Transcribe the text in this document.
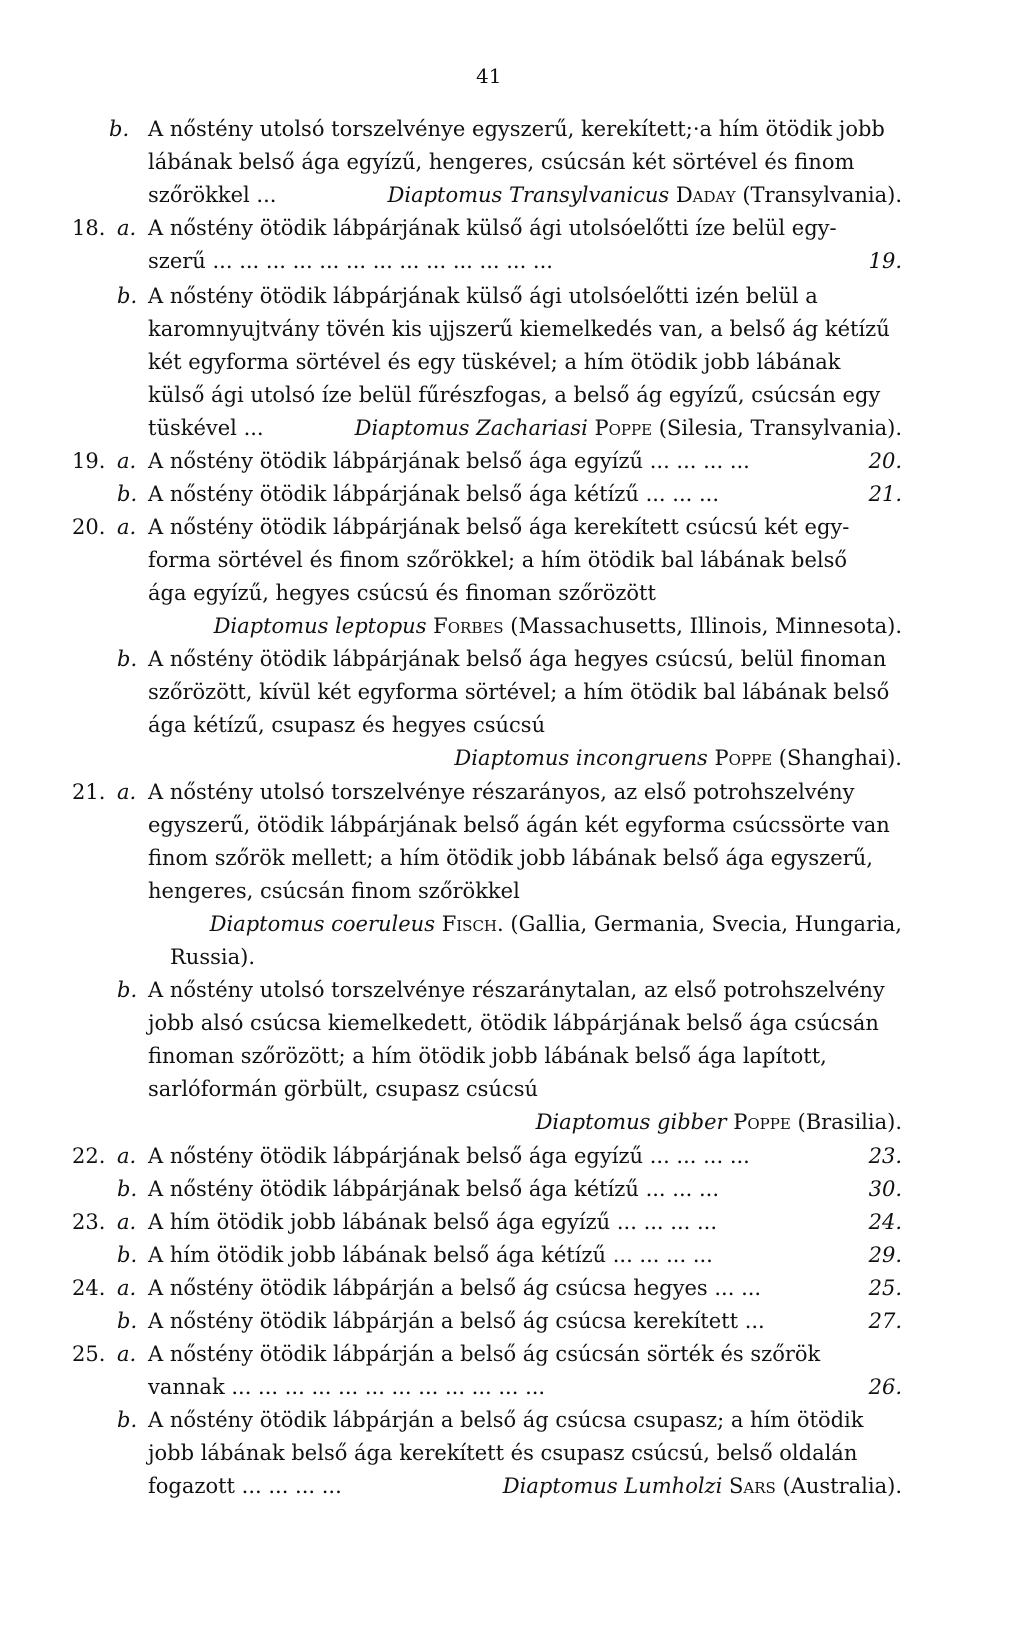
41
b. A nőstény utolsó torszelvénye egyszerű, kerekített;·a hím ötödik jobb
lábának belső ága egyízű, hengeres, csúcsán két sörtével és finom
szőrökkel ...	Diaptomus Transylvanicus Daday (Transylvania).
18. a. A nőstény ötödik lábpárjának külső ági utolsóelőtti íze belül egy-
szerű ... ... ... ... ... ... ... ... ... ... ... ... ...	19.
b. A nőstény ötödik lábpárjának külső ági utolsóelőtti izén belül a
karomnyujtvány tövén kis ujjszerű kiemelkedés van, a belső ág kétízű
két egyforma sörtével és egy tüskével; a hím ötödik jobb lábának
külső ági utolsó íze belül fűrészfogas, a belső ág egyízű, csúcsán egy
tüskével ...	Diaptomus Zachariasi Poppe (Silesia, Transylvania).
19. a. A nőstény ötödik lábpárjának belső ága egyízű ... ... ... ...	20.
b. A nőstény ötödik lábpárjának belső ága kétízű ... ... ...	21.
20. a. A nőstény ötödik lábpárjának belső ága kerekített csúcsú két egy-
forma sörtével és finom szőrökkel; a hím ötödik bal lábának belső
ága egyízű, hegyes csúcsú és finoman szőrözött
Diaptomus leptopus Forbes (Massachusetts, Illinois, Minnesota).
b. A nőstény ötödik lábpárjának belső ága hegyes csúcsú, belül finoman
szőrözött, kívül két egyforma sörtével; a hím ötödik bal lábának belső
ága kétízű, csupasz és hegyes csúcsú
Diaptomus incongruens Poppe (Shanghai).
21. a. A nőstény utolsó torszelvénye részarányos, az első potrohszelvény
egyszerű, ötödik lábpárjának belső ágán két egyforma csúcssörte van
finom szőrök mellett; a hím ötödik jobb lábának belső ága egyszerű,
hengeres, csúcsán finom szőrökkel
Diaptomus coeruleus Fisch. (Gallia, Germania, Svecia, Hungaria,
Russia).
b. A nőstény utolsó torszelvénye részaránytalan, az első potrohszelvény
jobb alsó csúcsa kiemelkedett, ötödik lábpárjának belső ága csúcsán
finoman szőrözött; a hím ötödik jobb lábának belső ága lapított,
sarlóformán görbült, csupasz csúcsú
Diaptomus gibber Poppe (Brasilia).
22. a. A nőstény ötödik lábpárjának belső ága egyízű ... ... ... ...	23.
b. A nőstény ötödik lábpárjának belső ága kétízű ... ... ...	30.
23. a. A hím ötödik jobb lábának belső ága egyízű ... ... ... ...	24.
b. A hím ötödik jobb lábának belső ága kétízű ... ... ... ...	29.
24. a. A nőstény ötödik lábpárján a belső ág csúcsa hegyes ... ...	25.
b. A nőstény ötödik lábpárján a belső ág csúcsa kerekített ...	27.
25. a. A nőstény ötödik lábpárján a belső ág csúcsán sörték és szőrök
vannak ... ... ... ... ... ... ... ... ... ... ... ...	26.
b. A nőstény ötödik lábpárján a belső ág csúcsa csupasz; a hím ötödik
jobb lábának belső ága kerekített és csupasz csúcsú, belső oldalán
fogazott ... ... ... ...	Diaptomus Lumholzi Sars (Australia).
